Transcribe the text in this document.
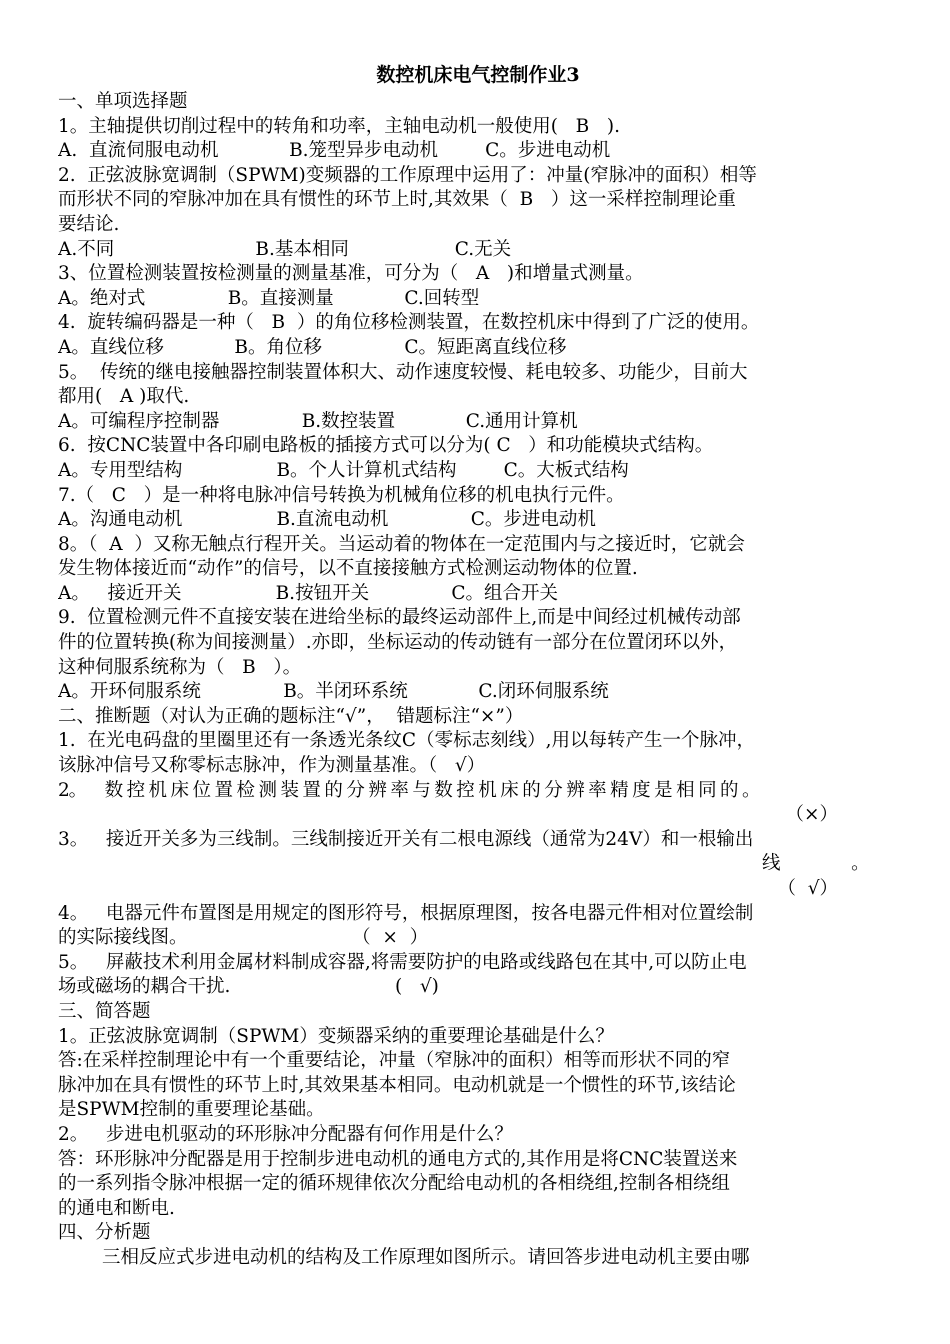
数控机床电气控制作业3

一、单项选择题

1。主轴提供切削过程中的转角和功率，主轴电动机一般使用(   B   ).

A.  直流伺服电动机            B.笼型异步电动机        C。步进电动机

2.  正弦波脉宽调制（SPWM)变频器的工作原理中运用了：冲量(窄脉冲的面积）相等

而形状不同的窄脉冲加在具有惯性的环节上时,其效果（  B   ）这一采样控制理论重

要结论.

A.不同                        B.基本相同                  C.无关

3、位置检测装置按检测量的测量基准，可分为（   A   )和增量式测量。

A。绝对式              B。直接测量            C.回转型

4.  旋转编码器是一种（   B  ）的角位移检测装置，在数控机床中得到了广泛的使用。

A。直线位移            B。角位移              C。短距离直线位移

5。  传统的继电接触器控制装置体积大、动作速度较慢、耗电较多、功能少，目前大

都用(   A )取代.

A。可编程序控制器              B.数控装置            C.通用计算机

6.  按CNC装置中各印刷电路板的插接方式可以分为( C   ）和功能模块式结构。

A。专用型结构                B。个人计算机式结构        C。大板式结构

7.（   C   ）是一种将电脉冲信号转换为机械角位移的机电执行元件。

A。沟通电动机                B.直流电动机              C。步进电动机

8。（  A  ）又称无触点行程开关。当运动着的物体在一定范围内与之接近时，它就会

发生物体接近而“动作”的信号，以不直接接触方式检测运动物体的位置.

A。   接近开关                B.按钮开关              C。组合开关

9.  位置检测元件不直接安装在进给坐标的最终运动部件上,而是中间经过机械传动部

件的位置转换(称为间接测量）.亦即，坐标运动的传动链有一部分在位置闭环以外，

这种伺服系统称为（   B   ）。

A。开环伺服系统              B。半闭环系统            C.闭环伺服系统

二、推断题（对认为正确的题标注“√”，  错题标注“×”）

1.  在光电码盘的里圈里还有一条透光条纹C（零标志刻线）,用以每转产生一个脉冲，

该脉冲信号又称零标志脉冲，作为测量基准。（   √）

2。    数 控 机 床 位 置 检 测 装 置 的 分 辨 率 与 数 控 机 床 的 分 辨 率 精 度 是 相 同 的 。

（×）

3。   接近开关多为三线制。三线制接近开关有二根电源线（通常为24V）和一根输出

线            。

（  √）

4。   电器元件布置图是用规定的图形符号，根据原理图，按各电器元件相对位置绘制

的实际接线图。                            （  ×  ）

5。   屏蔽技术利用金属材料制成容器,将需要防护的电路或线路包在其中,可以防止电

场或磁场的耦合干扰.                            (   √)

三、简答题

1。正弦波脉宽调制（SPWM）变频器采纳的重要理论基础是什么？

答:在采样控制理论中有一个重要结论，冲量（窄脉冲的面积）相等而形状不同的窄

脉冲加在具有惯性的环节上时,其效果基本相同。电动机就是一个惯性的环节,该结论

是SPWM控制的重要理论基础。

2。   步进电机驱动的环形脉冲分配器有何作用是什么？

答：环形脉冲分配器是用于控制步进电动机的通电方式的,其作用是将CNC装置送来

的一系列指令脉冲根据一定的循环规律依次分配给电动机的各相绕组,控制各相绕组

的通电和断电.

四、分析题

三相反应式步进电动机的结构及工作原理如图所示。请回答步进电动机主要由哪
